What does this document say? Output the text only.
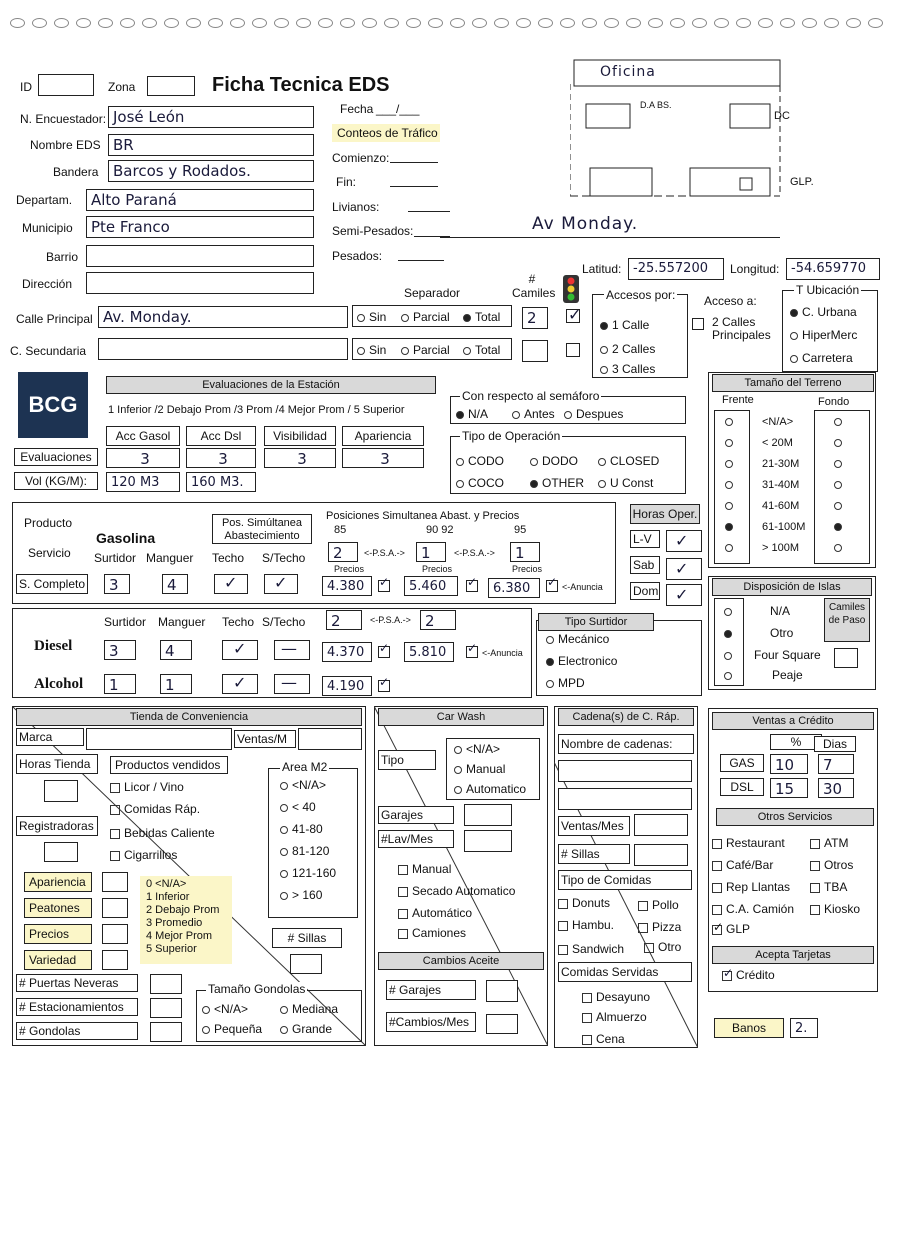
ID	Zona	Ficha Tecnica EDS
Fecha ___/___
N. Encuestador: José León
Nombre EDS BR
Bandera Barcos y Rodados.
Departam.	Alto Paraná
Municipio	Pte Franco
Barrio
Dirección
Calle Principal Av. Monday.
C. Secundaria
Conteos de Tráfico
Comienzo:
Fin:
Livianos:
Semi-Pesados:
Pesados:
Av Monday.
Oficina
D.A BS.
DC
GLP.
Latitud: -25.557200	Longitud: -54.659770
Separador
# Camiles
Sin	Parcial	Total	2	✓
Sin	Parcial	Total
Accesos por:
1 Calle
2 Calles
3 Calles
Acceso a:
2 Calles Principales
T Ubicación
C. Urbana
HiperMerc
Carretera
BCG
Evaluaciones de la Estación
1 Inferior /2 Debajo Prom /3 Prom /4 Mejor Prom / 5 Superior
Acc Gasol	Acc Dsl	Visibilidad	Apariencia
Evaluaciones	3	3	3	3
Vol (KG/M):	120 M3	160 M3.
Con respecto al semáforo
N/A	Antes	Despues
Tipo de Operación
CODO	DODO	CLOSED
COCO	OTHER	U Const
Tamaño del Terreno
Frente	Fondo
Producto
Servicio
Gasolina
Surtidor Manguer Techo S/Techo
Pos. Simúltanea Abastecimiento
Posiciones Simultanea Abast. y Precios
85	90 92	95
2	<-P.S.A.->	1	<-P.S.A.->	1
Precios	Precios	Precios
S. Completo	3	4	✓ ✓	4.380	✓	5.460	✓	6.380	✓ <-Anuncia
Horas Oper.
L-V	✓
Sab	✓
Dom ✓
Surtidor Manguer Techo S/Techo	2	<-P.S.A.-> 2
Diesel	3	4	✓ —	4.370	✓	5.810	✓ <-Anuncia
Alcohol	1	1	✓ —	4.190	✓
Tipo Surtidor
Mecánico
Electronico
MPD
Disposición de Islas
N/A
Otro
Four Square
Peaje
Camiles de Paso
Tienda de Conveniencia
Marca	Ventas/M
Horas Tienda	Productos vendidos
Licor / Vino
Comidas Ráp.
Registradoras	Bebidas Caliente
Cigarrillos
Area M2
# Sillas
# Puertas Neveras
# Estacionamientos
# Gondolas
Tamaño Gondolas
<N/A>	Mediana
Pequeña	Grande
Car Wash
Tipo
<N/A>
Manual
Automatico
Garajes
#Lav/Mes
Manual
Secado Automatico
Automático
Camiones
Cambios Aceite
# Garajes
#Cambios/Mes
Cadena(s) de C. Ráp.
Nombre de cadenas:
Ventas/Mes
# Sillas
Tipo de Comidas
Donuts	Pollo
Hambu.	Pizza
Sandwich	Otro
Comidas Servidas
Desayuno
Almuerzo
Cena
Ventas a Crédito
%	Dias
GAS	10	7
DSL	15	30
Otros Servicios
Acepta Tarjetas
✓ Crédito
Banos	2.
<N/A>
< 20M
21-30M
31-40M
41-60M
61-100M
> 100M
<N/A>
< 40
41-80
81-120
121-160
> 160
Apariencia
Peatones
Precios
Variedad
0 <N/A>
1 Inferior
2 Debajo Prom
3 Promedio
4 Mejor Prom
5 Superior
Restaurant	ATM
Café/Bar	Otros
Rep Llantas	TBA
C.A. Camión	Kiosko
✓ GLP
